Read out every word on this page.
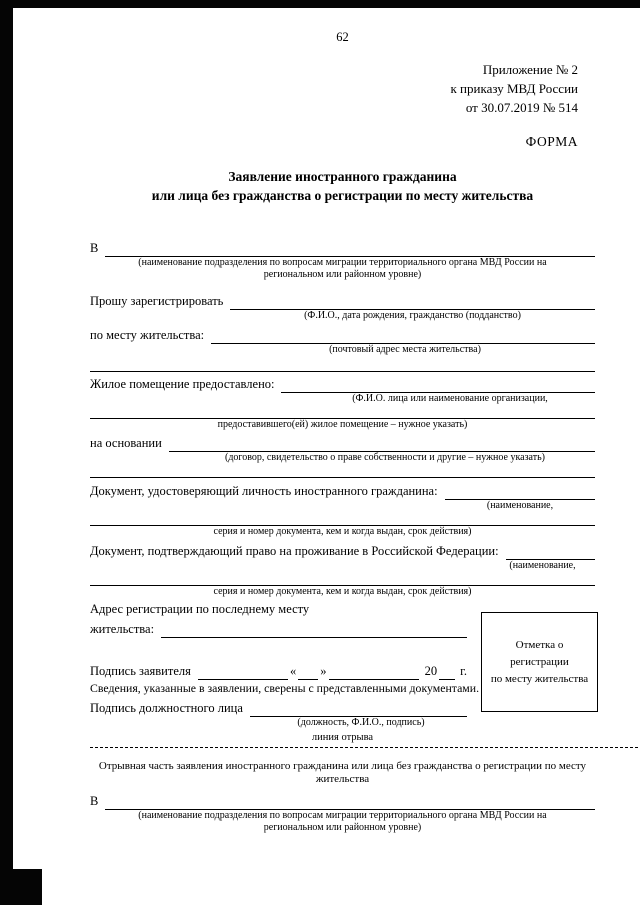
62
Приложение № 2
к приказу МВД России
от 30.07.2019 № 514
ФОРМА
Заявление иностранного гражданина
или лица без гражданства о регистрации по месту жительства
В
(наименование подразделения по вопросам миграции территориального органа МВД России на
региональном или районном уровне)
Прошу зарегистрировать
(Ф.И.О., дата рождения, гражданство (подданство)
по месту жительства:
(почтовый адрес места жительства)
Жилое помещение предоставлено:
(Ф.И.О. лица или наименование организации,
предоставившего(ей) жилое помещение – нужное указать)
на основании
(договор, свидетельство о праве собственности и другие – нужное указать)
Документ, удостоверяющий личность иностранного гражданина:
(наименование,
серия и номер документа, кем и когда выдан, срок действия)
Документ, подтверждающий право на проживание в Российской Федерации:
(наименование,
серия и номер документа, кем и когда выдан, срок действия)
Адрес регистрации по последнему месту
жительства:
Подпись заявителя	« »	20	г.
Сведения, указанные в заявлении, сверены с представленными документами.
Подпись должностного лица
(должность, Ф.И.О., подпись)
линия отрыва
Отрывная часть заявления иностранного гражданина или лица без гражданства о регистрации по месту
жительства
В
(наименование подразделения по вопросам миграции территориального органа МВД России на
региональном или районном уровне)
Отметка о
регистрации
по месту жительства
